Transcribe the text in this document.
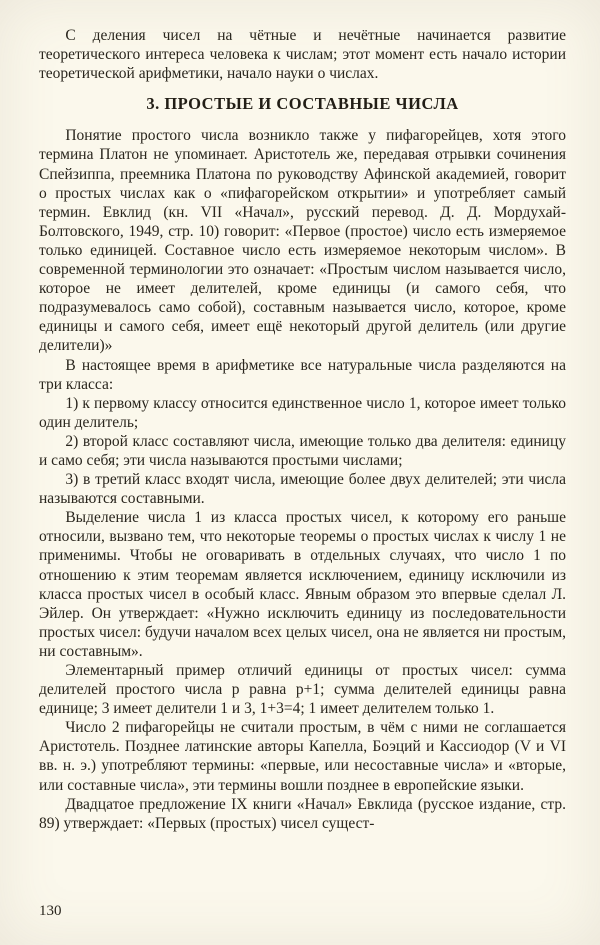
С деления чисел на чётные и нечётные начинается развитие теоретического интереса человека к числам; этот момент есть начало истории теоретической арифметики, начало науки о числах.

3. ПРОСТЫЕ И СОСТАВНЫЕ ЧИСЛА

Понятие простого числа возникло также у пифагорейцев, хотя этого термина Платон не упоминает. Аристотель же, передавая отрывки сочинения Спейзиппа, преемника Платона по руководству Афинской академией, говорит о простых числах как о «пифагорейском открытии» и употребляет самый термин. Евклид (кн. VII «Начал», русский перевод. Д. Д. Мордухай-Болтовского, 1949, стр. 10) говорит: «Первое (простое) число есть измеряемое только единицей. Составное число есть измеряемое некоторым числом». В современной терминологии это означает: «Простым числом называется число, которое не имеет делителей, кроме единицы (и самого себя, что подразумевалось само собой), составным называется число, которое, кроме единицы и самого себя, имеет ещё некоторый другой делитель (или другие делители)»

В настоящее время в арифметике все натуральные числа разделяются на три класса:

1) к первому классу относится единственное число 1, которое имеет только один делитель;

2) второй класс составляют числа, имеющие только два делителя: единицу и само себя; эти числа называются простыми числами;

3) в третий класс входят числа, имеющие более двух делителей; эти числа называются составными.

Выделение числа 1 из класса простых чисел, к которому его раньше относили, вызвано тем, что некоторые теоремы о простых числах к числу 1 не применимы. Чтобы не оговаривать в отдельных случаях, что число 1 по отношению к этим теоремам является исключением, единицу исключили из класса простых чисел в особый класс. Явным образом это впервые сделал Л. Эйлер. Он утверждает: «Нужно исключить единицу из последовательности простых чисел: будучи началом всех целых чисел, она не является ни простым, ни составным».

Элементарный пример отличий единицы от простых чисел: сумма делителей простого числа p равна p+1; сумма делителей единицы равна единице; 3 имеет делители 1 и 3, 1+3=4; 1 имеет делителем только 1.

Число 2 пифагорейцы не считали простым, в чём с ними не соглашается Аристотель. Позднее латинские авторы Капелла, Боэций и Кассиодор (V и VI вв. н. э.) употребляют термины: «первые, или несоставные числа» и «вторые, или составные числа», эти термины вошли позднее в европейские языки.

Двадцатое предложение IX книги «Начал» Евклида (русское издание, стр. 89) утверждает: «Первых (простых) чисел сущест-

130
